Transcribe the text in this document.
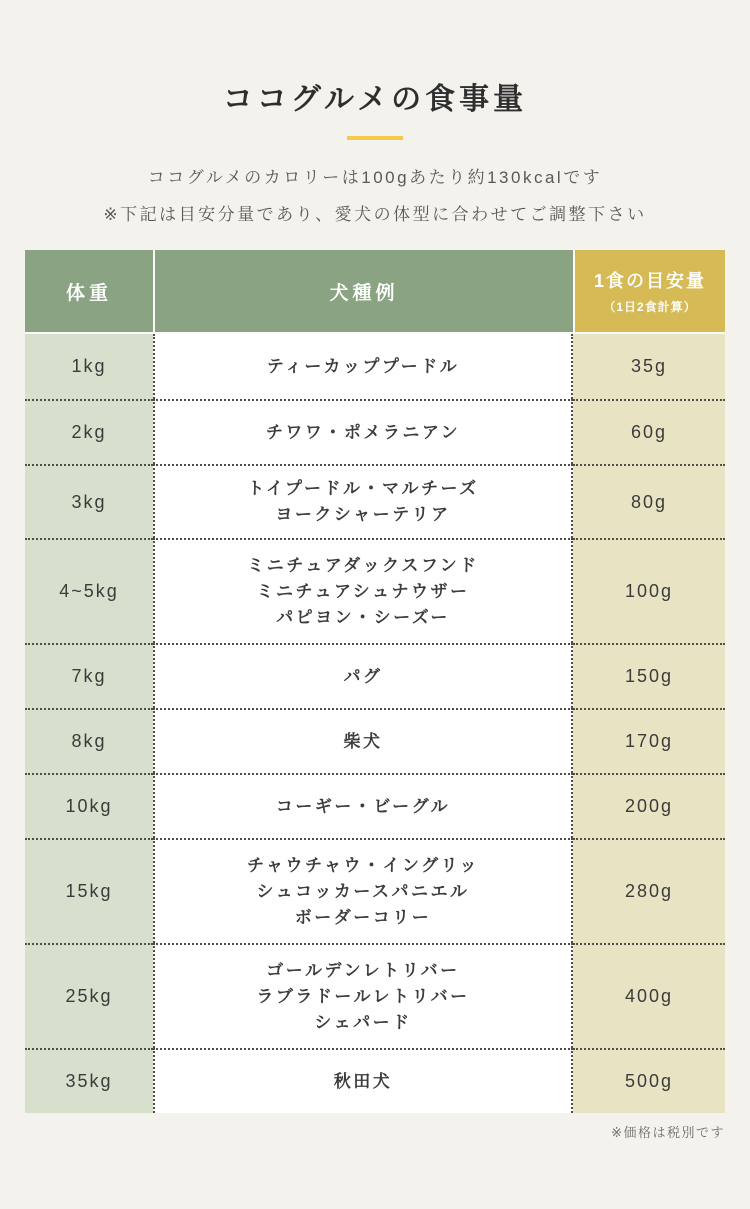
ココグルメの食事量
ココグルメのカロリーは100gあたり約130kcalです
※下記は目安分量であり、愛犬の体型に合わせてご調整下さい
体重	犬種例	1食の目安量
（1日2食計算）

1kg	ティーカッププードル	35g
2kg	チワワ・ポメラニアン	60g
3kg	トイプードル・マルチーズ
ヨークシャーテリア	80g
4~5kg	ミニチュアダックスフンド
ミニチュアシュナウザー
パピヨン・シーズー	100g
7kg	パグ	150g
8kg	柴犬	170g
10kg	コーギー・ビーグル	200g
15kg	チャウチャウ・イングリッ
シュコッカースパニエル
ボーダーコリー	280g
25kg	ゴールデンレトリバー
ラブラドールレトリバー
シェパード	400g
35kg	秋田犬	500g
※価格は税別です
